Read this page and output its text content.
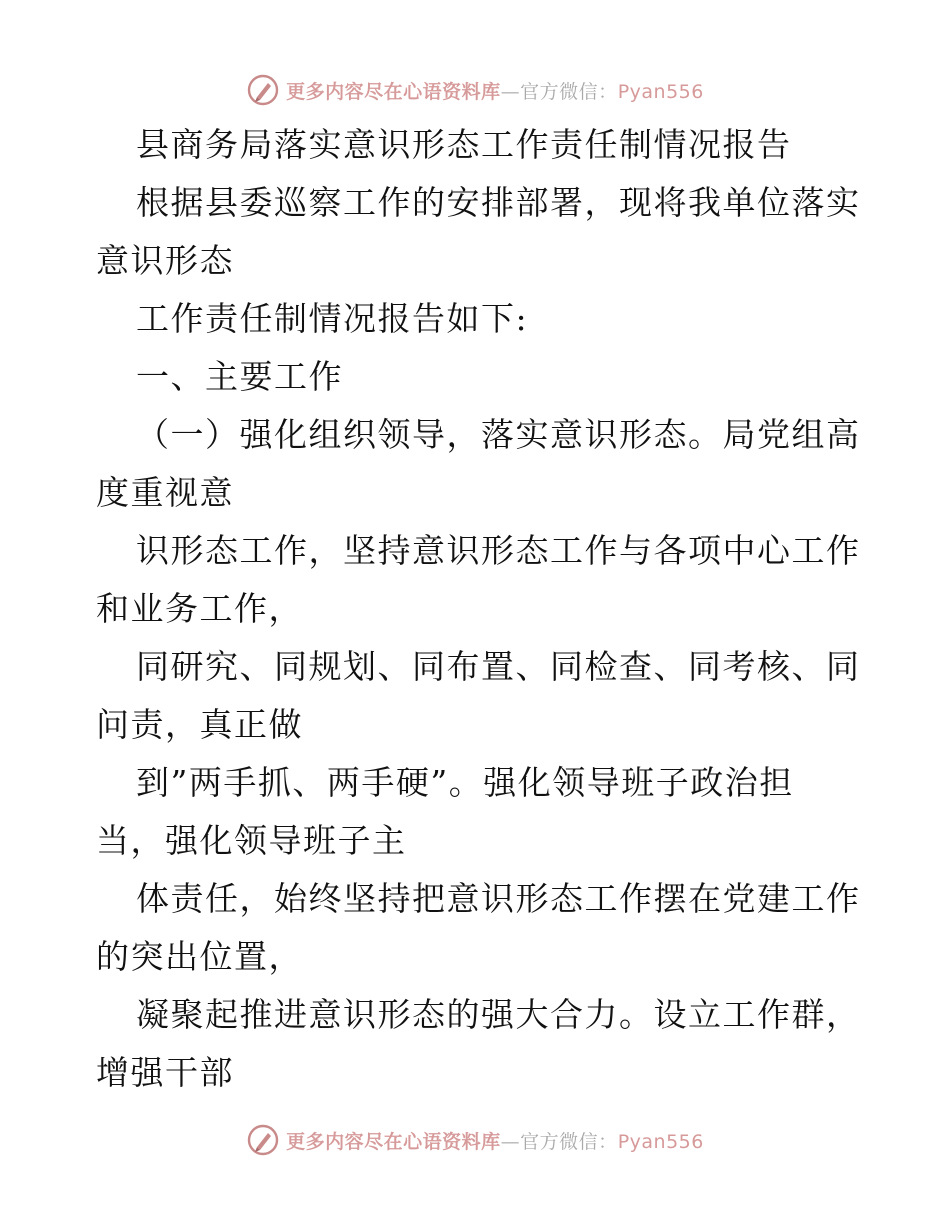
更多内容尽在心语资料库—官方微信：Pyan556
县商务局落实意识形态工作责任制情况报告
根据县委巡察工作的安排部署，现将我单位落实
意识形态
工作责任制情况报告如下:
一、主要工作
（一）强化组织领导，落实意识形态。局党组高
度重视意
识形态工作，坚持意识形态工作与各项中心工作
和业务工作，
同研究、同规划、同布置、同检查、同考核、同
问责，真正做
到”两手抓、两手硬”。强化领导班子政治担
当，强化领导班子主
体责任，始终坚持把意识形态工作摆在党建工作
的突出位置，
凝聚起推进意识形态的强大合力。设立工作群，
增强干部
更多内容尽在心语资料库—官方微信：Pyan556
